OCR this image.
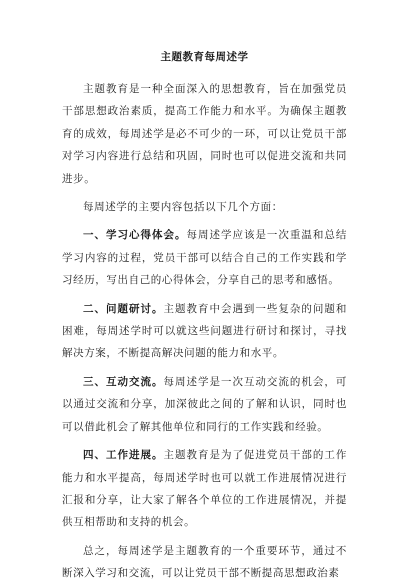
主题教育每周述学

主题教育是一种全面深入的思想教育，旨在加强党员干部思想政治素质，提高工作能力和水平。为确保主题教育的成效，每周述学是必不可少的一环，可以让党员干部对学习内容进行总结和巩固，同时也可以促进交流和共同进步。

每周述学的主要内容包括以下几个方面：

一、学习心得体会。每周述学应该是一次重温和总结学习内容的过程，党员干部可以结合自己的工作实践和学习经历，写出自己的心得体会，分享自己的思考和感悟。

二、问题研讨。主题教育中会遇到一些复杂的问题和困难，每周述学时可以就这些问题进行研讨和探讨，寻找解决方案，不断提高解决问题的能力和水平。

三、互动交流。每周述学是一次互动交流的机会，可以通过交流和分享，加深彼此之间的了解和认识，同时也可以借此机会了解其他单位和同行的工作实践和经验。

四、工作进展。主题教育是为了促进党员干部的工作能力和水平提高，每周述学时也可以就工作进展情况进行汇报和分享，让大家了解各个单位的工作进展情况，并提供互相帮助和支持的机会。

总之，每周述学是主题教育的一个重要环节，通过不断深入学习和交流，可以让党员干部不断提高思想政治素
